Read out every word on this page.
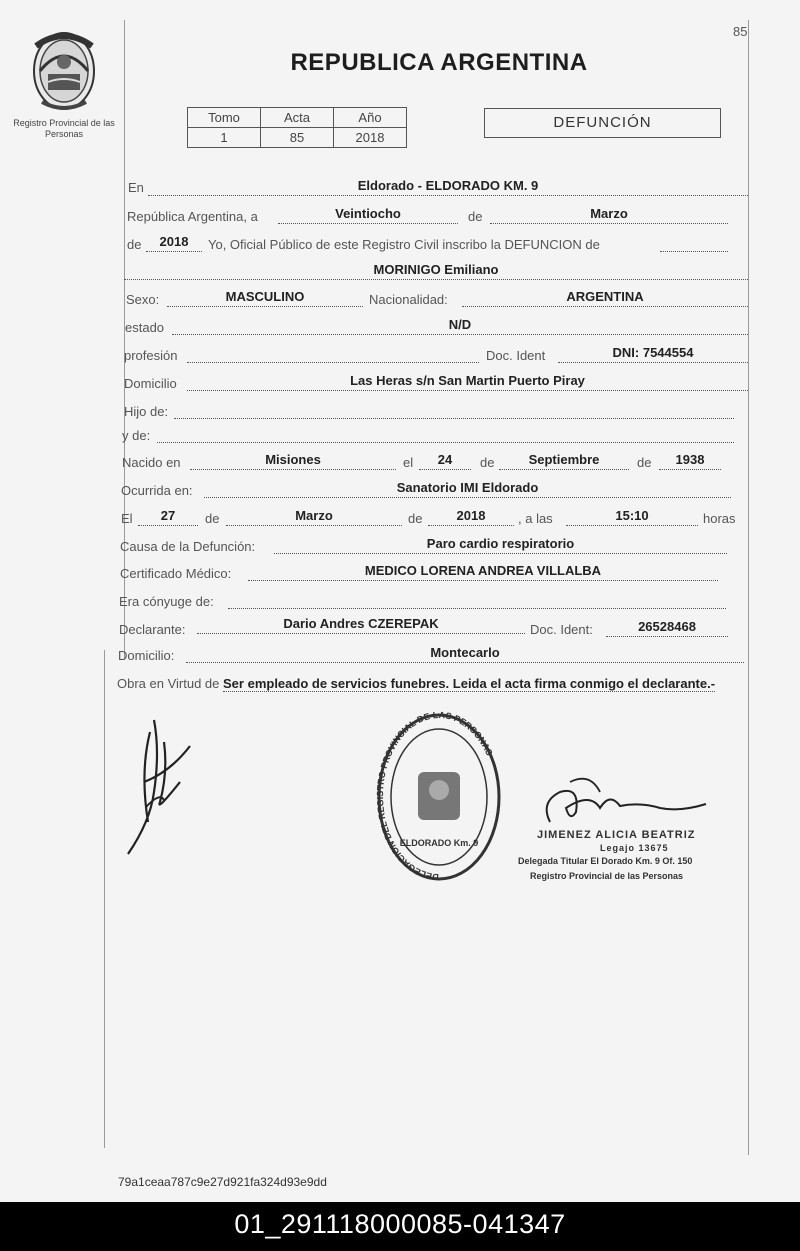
85
Registro Provincial de las Personas
REPUBLICA ARGENTINA
Tomo	Acta	Año
1	85	2018
DEFUNCIÓN
En	Eldorado - ELDORADO KM. 9
República Argentina, a	Veintiocho	de	Marzo
de	2018	Yo, Oficial Público de este Registro Civil inscribo la DEFUNCION de
MORINIGO Emiliano
Sexo:	MASCULINO	Nacionalidad:	ARGENTINA
estado	N/D
profesión	Doc. Ident	DNI: 7544554
Domicilio	Las Heras s/n San Martin Puerto Piray
Hijo de:
y de:
Nacido en	Misiones	el	24	de	Septiembre	de	1938
Ocurrida en:	Sanatorio IMI Eldorado
El	27	de	Marzo	de	2018	, a las	15:10	horas
Causa de la Defunción:	Paro cardio respiratorio
Certificado Médico:	MEDICO LORENA ANDREA VILLALBA
Era cónyuge de:
Declarante:	Dario Andres CZEREPAK	Doc. Ident:	26528468
Domicilio:	Montecarlo
Obra en Virtud de Ser empleado de servicios funebres. Leida el acta firma conmigo el declarante.-
DELEGACION DEL REGISTRO PROVINCIAL DE LAS PERSONAS
ELDORADO Km. 9
JIMENEZ ALICIA BEATRIZ
Legajo 13675
Delegada Titular El Dorado Km. 9 Of. 150
Registro Provincial de las Personas
79a1ceaa787c9e27d921fa324d93e9dd
01_291118000085-041347
